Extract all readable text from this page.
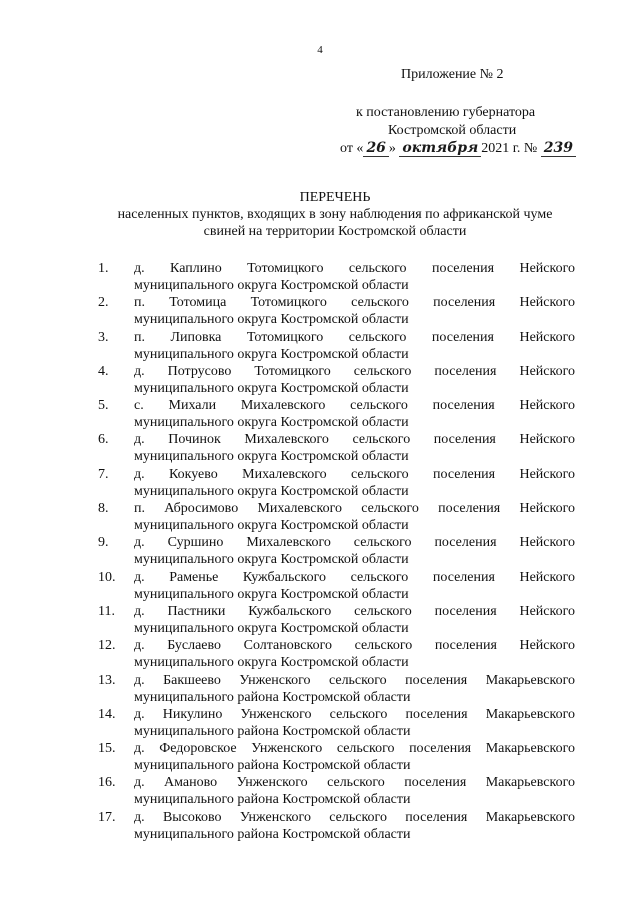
4
Приложение № 2
к постановлению губернатора
Костромской области
от « 26 » октября 2021 г. № 239
ПЕРЕЧЕНЬ
населенных пунктов, входящих в зону наблюдения по африканской чуме
свиней на территории Костромской области
1. д. Каплино Тотомицкого сельского поселения Нейского
муниципального округа Костромской области
2. п. Тотомица Тотомицкого сельского поселения Нейского
муниципального округа Костромской области
3. п. Липовка Тотомицкого сельского поселения Нейского
муниципального округа Костромской области
4. д. Потрусово Тотомицкого сельского поселения Нейского
муниципального округа Костромской области
5. с. Михали Михалевского сельского поселения Нейского
муниципального округа Костромской области
6. д. Починок Михалевского сельского поселения Нейского
муниципального округа Костромской области
7. д. Кокуево Михалевского сельского поселения Нейского
муниципального округа Костромской области
8. п. Абросимово Михалевского сельского поселения Нейского
муниципального округа Костромской области
9. д. Суршино Михалевского сельского поселения Нейского
муниципального округа Костромской области
10. д. Раменье Кужбальского сельского поселения Нейского
муниципального округа Костромской области
11. д. Пастники Кужбальского сельского поселения Нейского
муниципального округа Костромской области
12. д. Буслаево Солтановского сельского поселения Нейского
муниципального округа Костромской области
13. д. Бакшеево Унженского сельского поселения Макарьевского
муниципального района Костромской области
14. д. Никулино Унженского сельского поселения Макарьевского
муниципального района Костромской области
15. д. Федоровское Унженского сельского поселения Макарьевского
муниципального района Костромской области
16. д. Аманово Унженского сельского поселения Макарьевского
муниципального района Костромской области
17. д. Высоково Унженского сельского поселения Макарьевского
муниципального района Костромской области
